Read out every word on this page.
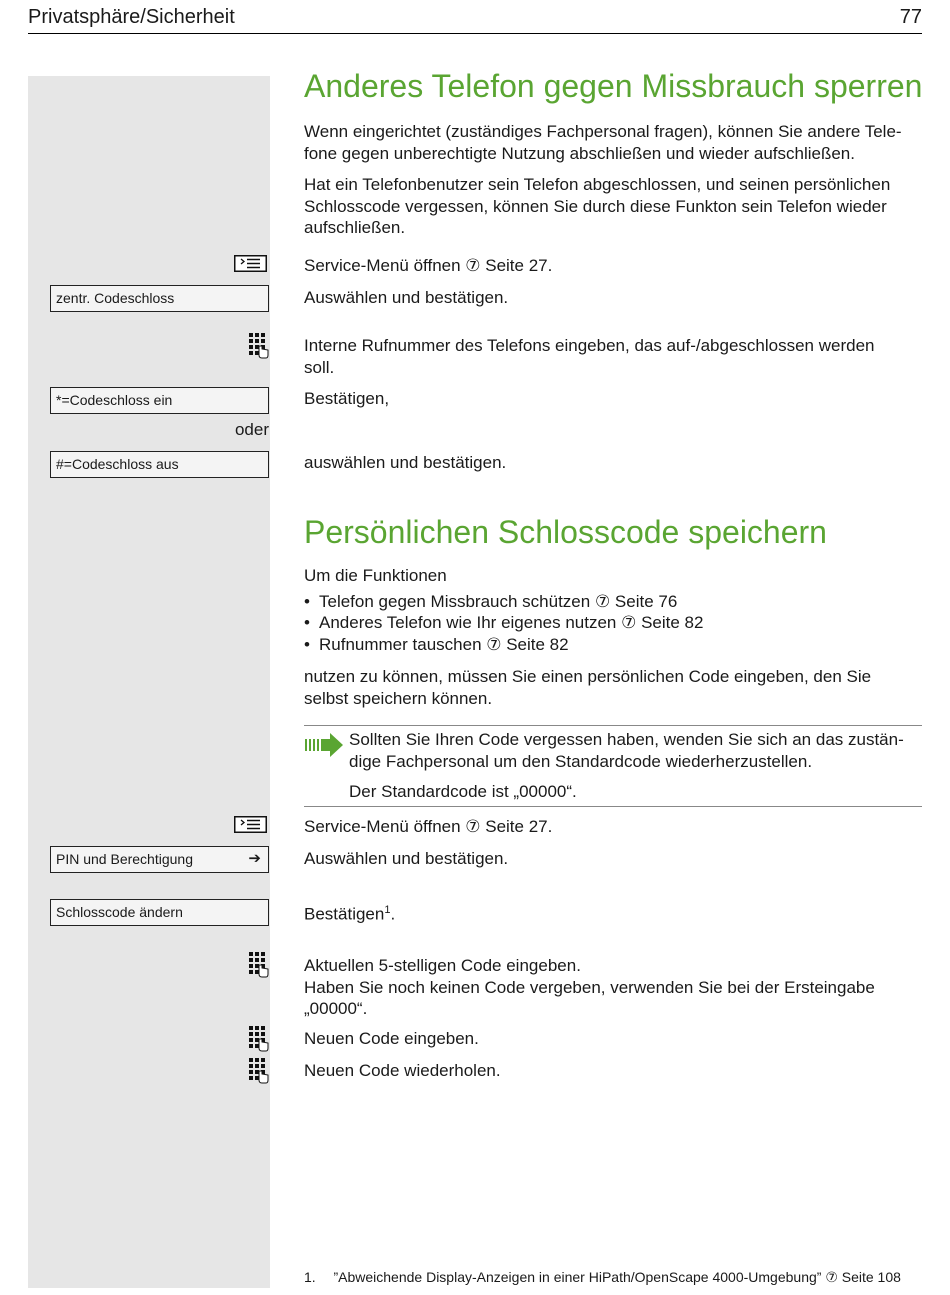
Privatsphäre/Sicherheit	77
Anderes Telefon gegen Missbrauch sperren
Wenn eingerichtet (zuständiges Fachpersonal fragen), können Sie andere Tele-
fone gegen unberechtigte Nutzung abschließen und wieder aufschließen.
Hat ein Telefonbenutzer sein Telefon abgeschlossen, und seinen persönlichen
Schlosscode vergessen, können Sie durch diese Funkton sein Telefon wieder
aufschließen.
Service-Menü öffnen ⑦ Seite 27.
zentr. Codeschloss	Auswählen und bestätigen.
Interne Rufnummer des Telefons eingeben, das auf-/abgeschlossen werden
soll.
*=Codeschloss ein	Bestätigen,
oder
#=Codeschloss aus	auswählen und bestätigen.
Persönlichen Schlosscode speichern
Um die Funktionen
• Telefon gegen Missbrauch schützen ⑦ Seite 76
• Anderes Telefon wie Ihr eigenes nutzen ⑦ Seite 82
• Rufnummer tauschen ⑦ Seite 82
nutzen zu können, müssen Sie einen persönlichen Code eingeben, den Sie
selbst speichern können.
Sollten Sie Ihren Code vergessen haben, wenden Sie sich an das zustän-
dige Fachpersonal um den Standardcode wiederherzustellen.
Der Standardcode ist „00000“.
Service-Menü öffnen ⑦ Seite 27.
PIN und Berechtigung	➔	Auswählen und bestätigen.
Schlosscode ändern	Bestätigen$^1$.
Aktuellen 5-stelligen Code eingeben.
Haben Sie noch keinen Code vergeben, verwenden Sie bei der Ersteingabe
„00000“.
Neuen Code eingeben.
Neuen Code wiederholen.
1. ”Abweichende Display-Anzeigen in einer HiPath/OpenScape 4000-Umgebung” ⑦ Seite 108
